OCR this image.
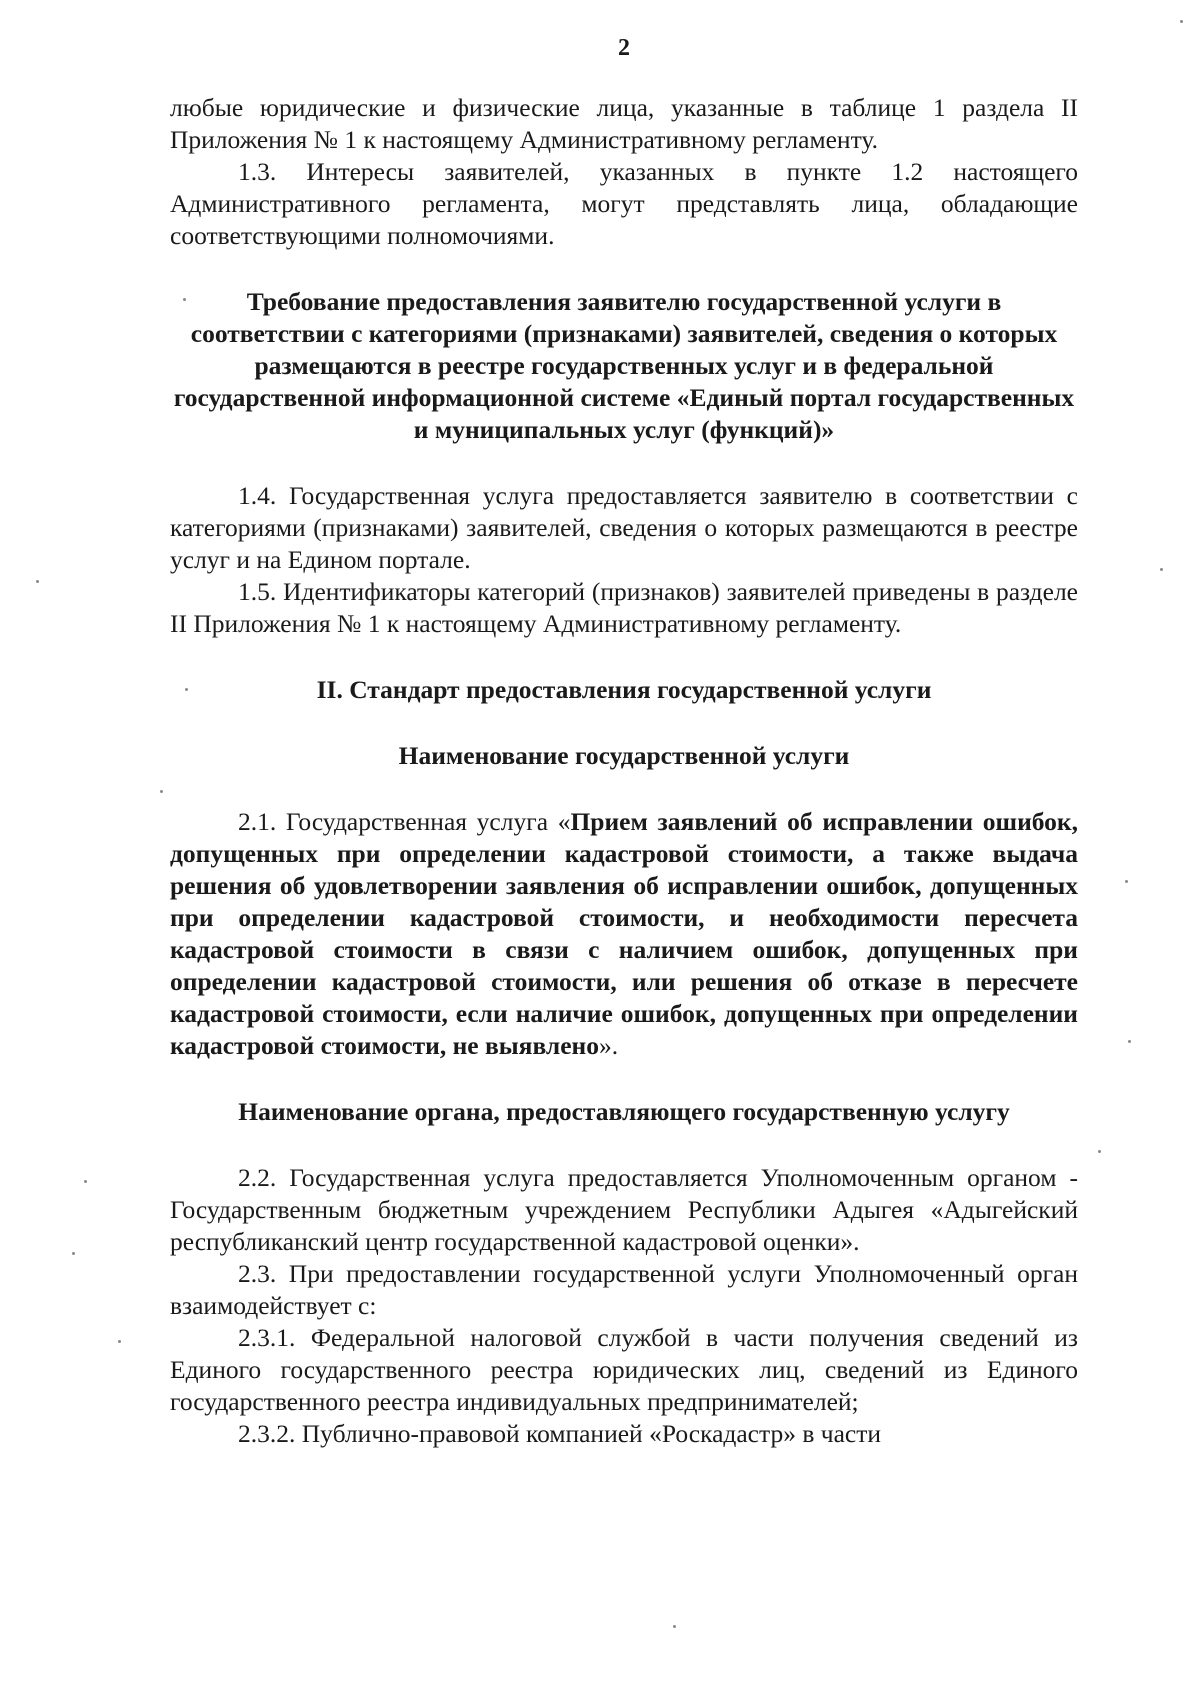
2

любые юридические и физические лица, указанные в таблице 1 раздела II Приложения № 1 к настоящему Административному регламенту.

1.3. Интересы заявителей, указанных в пункте 1.2 настоящего Административного регламента, могут представлять лица, обладающие соответствующими полномочиями.

Требование предоставления заявителю государственной услуги в соответствии с категориями (признаками) заявителей, сведения о которых размещаются в реестре государственных услуг и в федеральной государственной информационной системе «Единый портал государственных и муниципальных услуг (функций)»

1.4. Государственная услуга предоставляется заявителю в соответствии с категориями (признаками) заявителей, сведения о которых размещаются в реестре услуг и на Едином портале.

1.5. Идентификаторы категорий (признаков) заявителей приведены в разделе II Приложения № 1 к настоящему Административному регламенту.

II. Стандарт предоставления государственной услуги

Наименование государственной услуги

2.1. Государственная услуга «Прием заявлений об исправлении ошибок, допущенных при определении кадастровой стоимости, а также выдача решения об удовлетворении заявления об исправлении ошибок, допущенных при определении кадастровой стоимости, и необходимости пересчета кадастровой стоимости в связи с наличием ошибок, допущенных при определении кадастровой стоимости, или решения об отказе в пересчете кадастровой стоимости, если наличие ошибок, допущенных при определении кадастровой стоимости, не выявлено».

Наименование органа, предоставляющего государственную услугу

2.2. Государственная услуга предоставляется Уполномоченным органом - Государственным бюджетным учреждением Республики Адыгея «Адыгейский республиканский центр государственной кадастровой оценки».

2.3. При предоставлении государственной услуги Уполномоченный орган взаимодействует с:

2.3.1. Федеральной налоговой службой в части получения сведений из Единого государственного реестра юридических лиц, сведений из Единого государственного реестра индивидуальных предпринимателей;

2.3.2. Публично-правовой компанией «Роскадастр» в части
